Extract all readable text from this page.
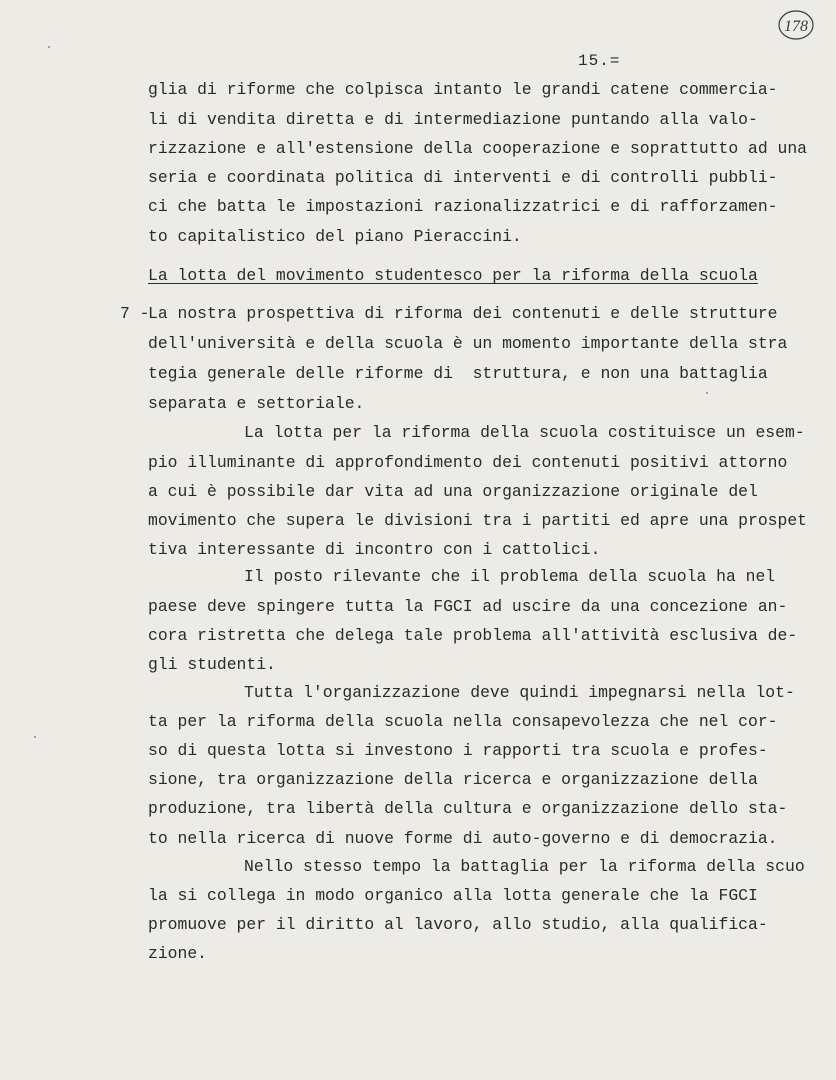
178
15.=
glia di riforme che colpisca intanto le grandi catene commercia-
li di vendita diretta e di intermediazione puntando alla valo-
rizzazione e all'estensione della cooperazione e soprattutto ad una
seria e coordinata politica di interventi e di controlli pubbli-
ci che batta le impostazioni razionalizzatrici e di rafforzamen-
to capitalistico del piano Pieraccini.
La lotta del movimento studentesco per la riforma della scuola
7 -
La nostra prospettiva di riforma dei contenuti e delle strutture
dell'università e della scuola è un momento importante della stra
tegia generale delle riforme di  struttura, e non una battaglia
separata e settoriale.
La lotta per la riforma della scuola costituisce un esem-
pio illuminante di approfondimento dei contenuti positivi attorno
a cui è possibile dar vita ad una organizzazione originale del
movimento che supera le divisioni tra i partiti ed apre una prospet
tiva interessante di incontro con i cattolici.
Il posto rilevante che il problema della scuola ha nel
paese deve spingere tutta la FGCI ad uscire da una concezione an-
cora ristretta che delega tale problema all'attività esclusiva de-
gli studenti.
Tutta l'organizzazione deve quindi impegnarsi nella lot-
ta per la riforma della scuola nella consapevolezza che nel cor-
so di questa lotta si investono i rapporti tra scuola e profes-
sione, tra organizzazione della ricerca e organizzazione della
produzione, tra libertà della cultura e organizzazione dello sta-
to nella ricerca di nuove forme di auto-governo e di democrazia.
Nello stesso tempo la battaglia per la riforma della scuo
la si collega in modo organico alla lotta generale che la FGCI
promuove per il diritto al lavoro, allo studio, alla qualifica-
zione.
